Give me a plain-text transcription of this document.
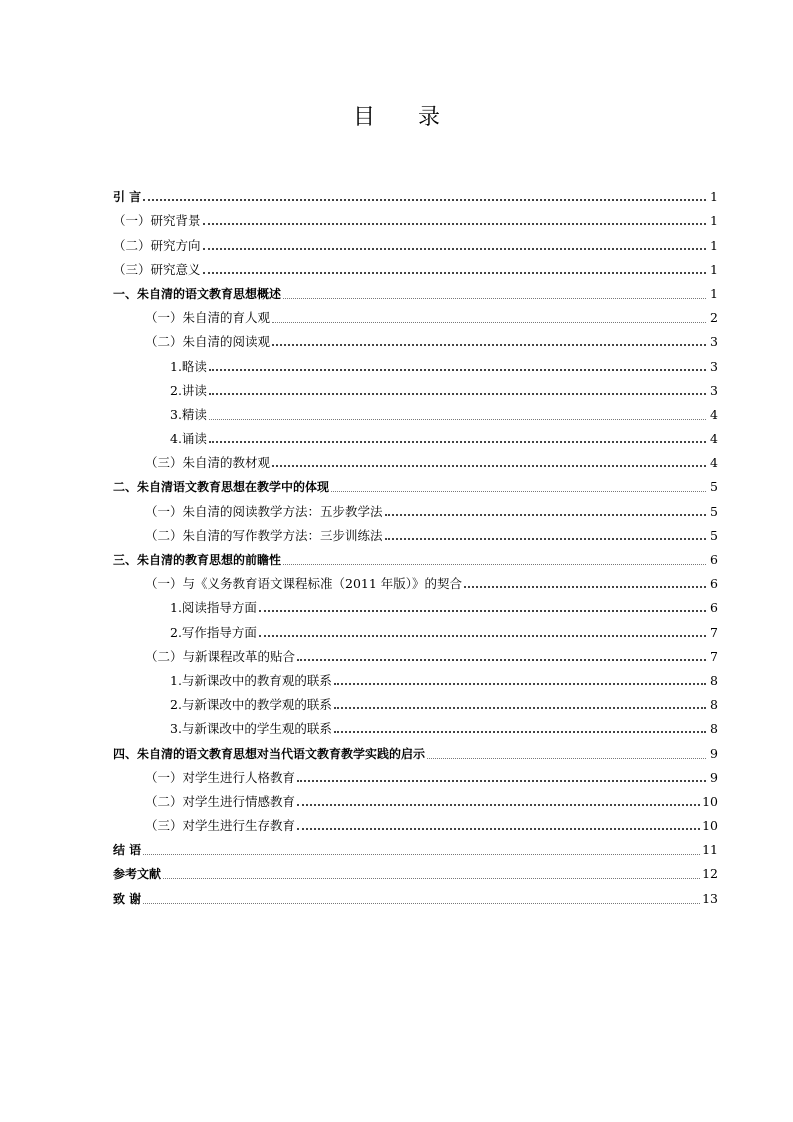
目 录
引 言	1
（一）研究背景	1
（二）研究方向	1
（三）研究意义	1
一、朱自清的语文教育思想概述	1
（一）朱自清的育人观	2
（二）朱自清的阅读观	3
1.略读	3
2.讲读	3
3.精读	4
4.诵读	4
（三）朱自清的教材观	4
二、朱自清语文教育思想在教学中的体现	5
（一）朱自清的阅读教学方法：五步教学法	5
（二）朱自清的写作教学方法：三步训练法	5
三、朱自清的教育思想的前瞻性	6
（一）与《义务教育语文课程标准（2011 年版）》的契合	6
1.阅读指导方面	6
2.写作指导方面	7
（二）与新课程改革的贴合	7
1.与新课改中的教育观的联系	8
2.与新课改中的教学观的联系	8
3.与新课改中的学生观的联系	8
四、朱自清的语文教育思想对当代语文教育教学实践的启示	9
（一）对学生进行人格教育	9
（二）对学生进行情感教育	10
（三）对学生进行生存教育	10
结 语	11
参考文献	12
致 谢	13
